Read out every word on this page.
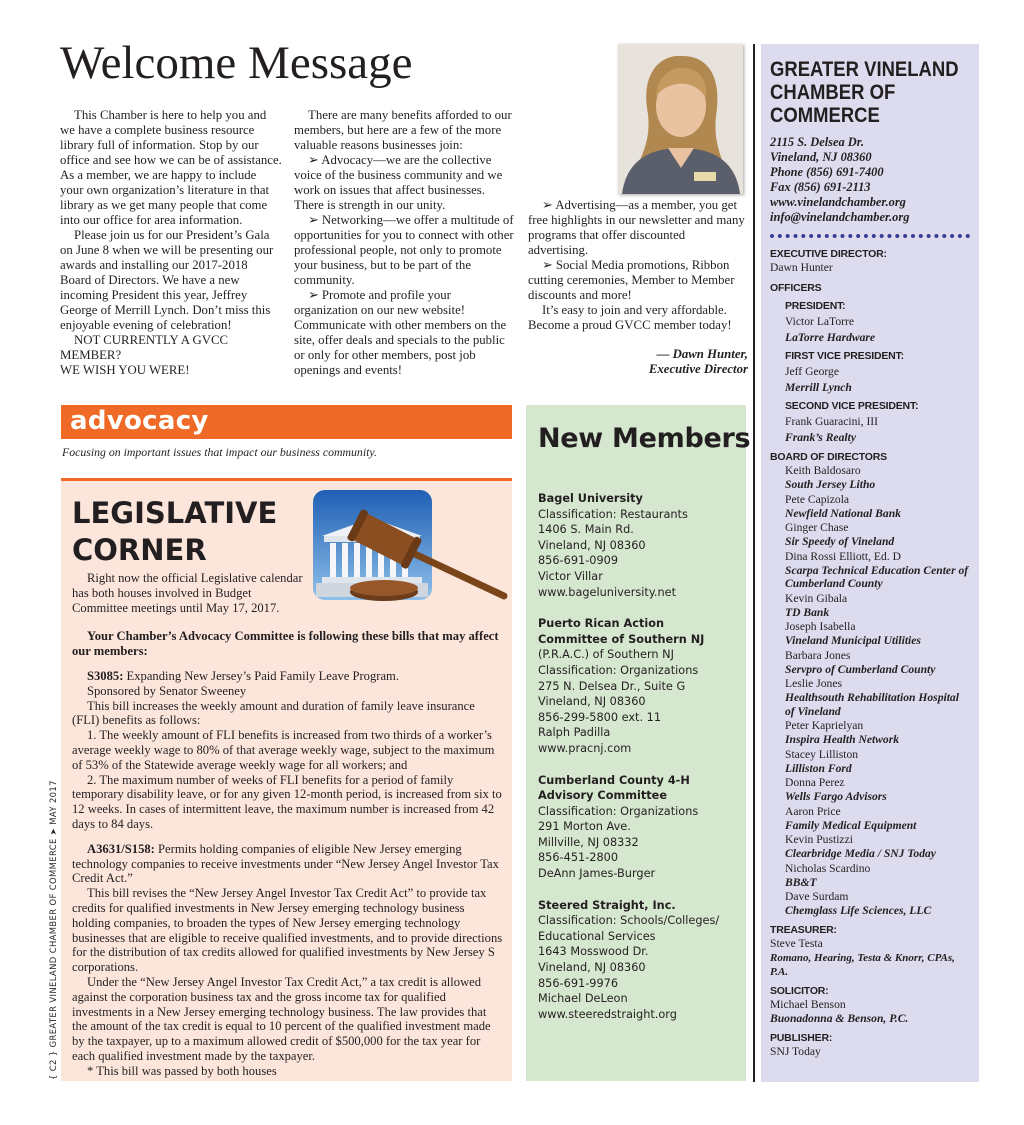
Welcome Message

This Chamber is here to help you and we have a complete business resource library full of information. Stop by our office and see how we can be of assistance. As a member, we are happy to include your own organization’s literature in that library as we get many people that come into our office for area information.

Please join us for our President’s Gala on June 8 when we will be presenting our awards and installing our 2017-2018 Board of Directors. We have a new incoming President this year, Jeffrey George of Merrill Lynch. Don’t miss this enjoyable evening of celebration!

NOT CURRENTLY A GVCC MEMBER?

WE WISH YOU WERE!

There are many benefits afforded to our members, but here are a few of the more valuable reasons businesses join:

➢ Advocacy—we are the collective voice of the business community and we work on issues that affect businesses. There is strength in our unity.

➢ Networking—we offer a multitude of opportunities for you to connect with other professional people, not only to promote your business, but to be part of the community.

➢ Promote and profile your organization on our new website! Communicate with other members on the site, offer deals and specials to the public or only for other members, post job openings and events!

➢ Advertising—as a member, you get free highlights in our newsletter and many programs that offer discounted advertising.

➢ Social Media promotions, Ribbon cutting ceremonies, Member to Member discounts and more!

It’s easy to join and very affordable. Become a proud GVCC member today!

— Dawn Hunter,
Executive Director
GREATER VINELAND CHAMBER OF COMMERCE
2115 S. Delsea Dr.
Vineland, NJ 08360
Phone (856) 691-7400
Fax (856) 691-2113
www.vinelandchamber.org
info@vinelandchamber.org
EXECUTIVE DIRECTOR:
Dawn Hunter
OFFICERS
PRESIDENT:
Victor LaTorre
LaTorre Hardware
FIRST VICE PRESIDENT:
Jeff George
Merrill Lynch
SECOND VICE PRESIDENT:
Frank Guaracini, III
Frank’s Realty
BOARD OF DIRECTORS
Keith Baldosaro
South Jersey Litho
Pete Capizola
Newfield National Bank
Ginger Chase
Sir Speedy of Vineland
Dina Rossi Elliott, Ed. D
Scarpa Technical Education Center of Cumberland County
Kevin Gibala
TD Bank
Joseph Isabella
Vineland Municipal Utilities
Barbara Jones
Servpro of Cumberland County
Leslie Jones
Healthsouth Rehabilitation Hospital of Vineland
Peter Kaprielyan
Inspira Health Network
Stacey Lilliston
Lilliston Ford
Donna Perez
Wells Fargo Advisors
Aaron Price
Family Medical Equipment
Kevin Pustizzi
Clearbridge Media / SNJ Today
Nicholas Scardino
BB&T
Dave Surdam
Chemglass Life Sciences, LLC
TREASURER:
Steve Testa
Romano, Hearing, Testa & Knorr, CPAs, P.A.
SOLICITOR:
Michael Benson
Buonadonna & Benson, P.C.
PUBLISHER:
SNJ Today
advocacy
Focusing on important issues that impact our business community.
LEGISLATIVE
CORNER

Right now the official Legislative calendar has both houses involved in Budget Committee meetings until May 17, 2017.

Your Chamber’s Advocacy Committee is following these bills that may affect our members:

S3085: Expanding New Jersey’s Paid Family Leave Program.

Sponsored by Senator Sweeney

This bill increases the weekly amount and duration of family leave insurance (FLI) benefits as follows:

1. The weekly amount of FLI benefits is increased from two thirds of a worker’s average weekly wage to 80% of that average weekly wage, subject to the maximum of 53% of the Statewide average weekly wage for all workers; and

2. The maximum number of weeks of FLI benefits for a period of family temporary disability leave, or for any given 12-month period, is increased from six to 12 weeks. In cases of intermittent leave, the maximum number is increased from 42 days to 84 days.

A3631/S158: Permits holding companies of eligible New Jersey emerging technology companies to receive investments under “New Jersey Angel Investor Tax Credit Act.”

This bill revises the “New Jersey Angel Investor Tax Credit Act” to provide tax credits for qualified investments in New Jersey emerging technology business holding companies, to broaden the types of New Jersey emerging technology businesses that are eligible to receive qualified investments, and to provide directions for the distribution of tax credits allowed for qualified investments by New Jersey S corporations.

Under the “New Jersey Angel Investor Tax Credit Act,” a tax credit is allowed against the corporation business tax and the gross income tax for qualified investments in a New Jersey emerging technology business. The law provides that the amount of the tax credit is equal to 10 percent of the qualified investment made by the taxpayer, up to a maximum allowed credit of $500,000 for the tax year for each qualified investment made by the taxpayer.

* This bill was passed by both houses

New Members
Bagel University
Classification: Restaurants
1406 S. Main Rd.
Vineland, NJ 08360
856-691-0909
Victor Villar
www.bageluniversity.net
Puerto Rican Action Committee of Southern NJ
(P.R.A.C.) of Southern NJ
Classification: Organizations
275 N. Delsea Dr., Suite G
Vineland, NJ 08360
856-299-5800 ext. 11
Ralph Padilla
www.pracnj.com
Cumberland County 4-H Advisory Committee
Classification: Organizations
291 Morton Ave.
Millville, NJ 08332
856-451-2800
DeAnn James-Burger
Steered Straight, Inc.
Classification: Schools/Colleges/ Educational Services
1643 Mosswood Dr.
Vineland, NJ 08360
856-691-9976
Michael DeLeon
www.steeredstraight.org
{ C2 } GREATER VINELAND CHAMBER OF COMMERCE ➤ MAY 2017
